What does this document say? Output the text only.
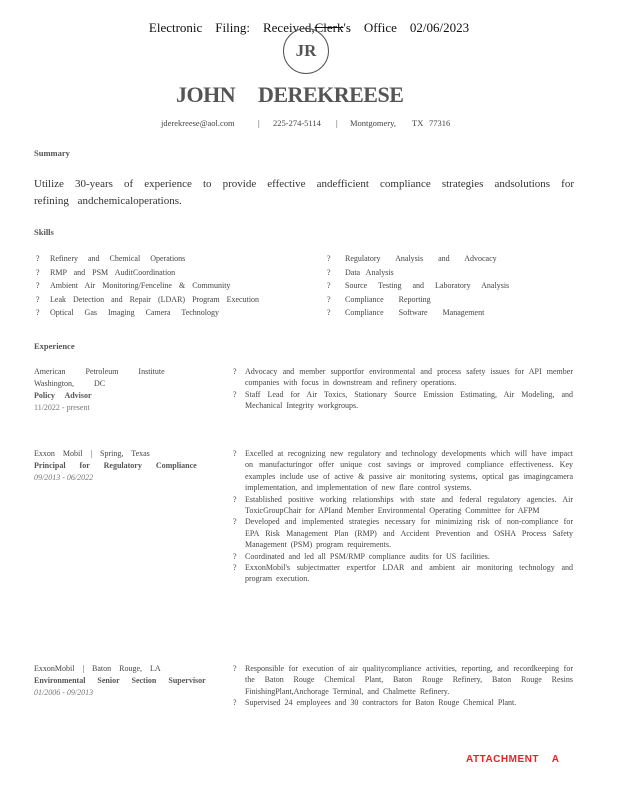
Electronic    Filing:    Received,Clerk's    Office    02/06/2023
JR
JOHN DEREKREESE
jderekreese@aol.com	| 225-274-5114 | Montgomery, TX 77316
Summary
Utilize 30-years of experience to provide effective andefficient compliance strategies andsolutions for refining andchemicaloperations.
Skills
?	Refinery and Chemical Operations
?	RMP and PSM AuditCoordination
?	Ambient Air Monitoring/Fenceline & Community
?	Leak Detection and Repair (LDAR) Program Execution
?	Optical Gas Imaging Camera Technology
?	Regulatory Analysis and Advocacy
?	Data Analysis
?	Source Testing and Laboratory Analysis
?	Compliance Reporting
?	Compliance Software Management
Experience
American Petroleum Institute
Washington, DC
Policy Advisor
11/2022 - present
?	Advocacy and member supportfor environmental and process safety issues for API member companies with focus in downstream and refinery operations.
?	Staff Lead for Air Toxics, Stationary Source Emission Estimating, Air Modeling, and Mechanical Integrity workgroups.
Exxon Mobil | Spring, Texas
Principal for Regulatory Compliance
09/2013 - 06/2022
?	Excelled at recognizing new regulatory and technology developments which will have impact on manufacturingor offer unique cost savings or improved compliance effectiveness. Key examples include use of active & passive air monitoring systems, optical gas imagingcamera implementation, and implementation of new flare control systems.
?	Established positive working relationships with state and federal regulatory agencies. Air ToxicGroupChair for APIand Member Environmental Operating Committee for AFPM
?	Developed and implemented strategies necessary for minimizing risk of non-compliance for EPA Risk Management Plan (RMP) and Accident Prevention and OSHA Process Safety Management (PSM) program requirements.
?	Coordinated and led all PSM/RMP compliance audits for US facilities.
?	ExxonMobil's subjectmatter expertfor LDAR and ambient air monitoring technology and program execution.
ExxonMobil | Baton Rouge, LA
Environmental Senior Section Supervisor
01/2006 - 09/2013
?	Responsible for execution of air qualitycompliance activities, reporting, and recordkeeping for the Baton Rouge Chemical Plant, Baton Rouge Refinery, Baton Rouge Resins FinishingPlant,Anchorage Terminal, and Chalmette Refinery.
?	Supervised 24 employees and 30 contractors for Baton Rouge Chemical Plant.
ATTACHMENT    A
